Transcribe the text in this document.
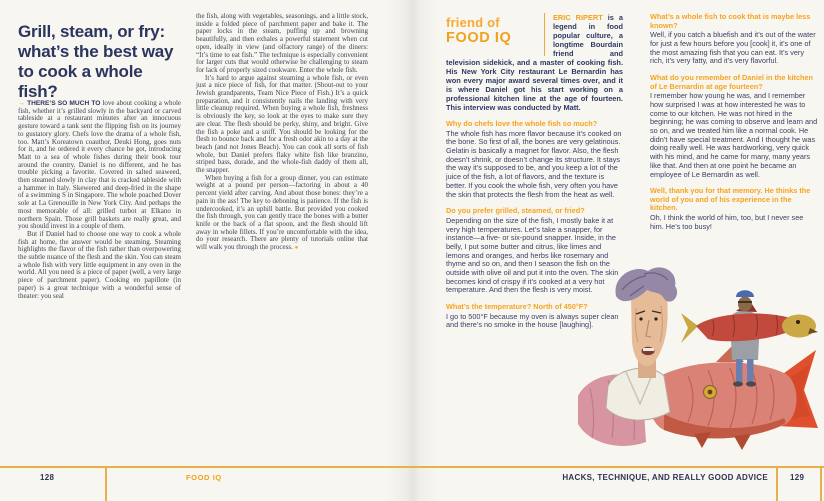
Grill, steam, or fry:
what’s the best way
to cook a whole
fish?

→ THERE’S SO MUCH TO love about cooking a whole fish, whether it’s grilled slowly in the backyard or carved tableside at a restaurant minutes after an innocuous gesture toward a tank sent the flipping fish on its journey to gustatory glory. Chefs love the drama of a whole fish, too. Matt’s Koreatown coauthor, Deuki Hong, goes nuts for it, and he ordered it every chance he got, introducing Matt to a sea of whole fishes during their book tour around the country. Daniel is no different, and he has trouble picking a favorite. Covered in salted seaweed, then steamed slowly in clay that is cracked tableside with a hammer in Italy. Skewered and deep-fried in the shape of a swimming S in Singapore. The whole poached Dover sole at La Grenouille in New York City. And perhaps the most memorable of all: grilled turbot at Elkano in northern Spain. Those grill baskets are really great, and you should invest in a couple of them.

But if Daniel had to choose one way to cook a whole fish at home, the answer would be steaming. Steaming highlights the flavor of the fish rather than overpowering the subtle nuance of the flesh and the skin. You can steam a whole fish with very little equipment in any oven in the world. All you need is a piece of paper (well, a very large piece of parchment paper). Cooking en papillote (in paper) is a great technique with a wonderful sense of theater: you seal

the fish, along with vegetables, seasonings, and a little stock, inside a folded piece of parchment paper and bake it. The paper locks in the steam, puffing up and browning beautifully, and then exhales a powerful statement when cut open, ideally in view (and olfactory range) of the diners: “It’s time to eat fish.” The technique is especially convenient for larger cuts that would otherwise be challenging to steam for lack of properly sized cookware. Enter the whole fish.

It’s hard to argue against steaming a whole fish, or even just a nice piece of fish, for that matter. (Shout-out to your Jewish grandparents, Team Nice Piece of Fish.) It’s a quick preparation, and it consistently nails the landing with very little cleanup required. When buying a whole fish, freshness is obviously the key, so look at the eyes to make sure they are clear. The flesh should be perky, shiny, and bright. Give the fish a poke and a sniff. You should be looking for the flesh to bounce back and for a fresh odor akin to a day at the beach (and not Jones Beach). You can cook all sorts of fish whole, but Daniel prefers flaky white fish like branzino, striped bass, dorade, and the whole-fish daddy of them all, the snapper.

When buying a fish for a group dinner, you can estimate weight at a pound per person—factoring in about a 40 percent yield after carving. And about those bones: they’re a pain in the ass! The key to deboning is patience. If the fish is undercooked, it’s an uphill battle. But provided you cooked the fish through, you can gently trace the bones with a butter knife or the back of a flat spoon, and the flesh should lift away in whole fillets. If you’re uncomfortable with the idea, do your research. There are plenty of tutorials online that will walk you through the process. ●

friend of
FOOD IQ
ERIC RIPERT is a legend in food popular culture, a longtime Bourdain friend and television sidekick, and a master of cooking fish. His New York City restaurant Le Bernardin has won every major award several times over, and it is where Daniel got his start working on a professional kitchen line at the age of fourteen. This interview was conducted by Matt.

Why do chefs love the whole fish so much?

The whole fish has more flavor because it’s cooked on the bone. So first of all, the bones are very gelatinous. Gelatin is basically a magnet for flavor. Also, the flesh doesn’t shrink, or doesn’t change its structure. It stays the way it’s supposed to be, and you keep a lot of the juice of the fish, a lot of flavors, and the texture is better. If you cook the whole fish, very often you have the skin that protects the flesh from the heat as well.

Do you prefer grilled, steamed, or fried?

Depending on the size of the fish, I mostly bake it at very high temperatures. Let’s take a snapper, for instance—a five- or six-pound snapper. Inside, in the belly, I put some butter and citrus, like limes and lemons and oranges, and herbs like rosemary and thyme and so on, and then I season the fish on the outside with olive oil and put it into the oven. The skin becomes kind of crispy if it’s cooked at a very hot temperature. And then the flesh is very moist.

What’s the temperature? North of 450°F?

I go to 500°F because my oven is always super clean and there’s no smoke in the house [laughing].

What’s a whole fish to cook that is maybe less known?

Well, if you catch a bluefish and it’s out of the water for just a few hours before you [cook] it, it’s one of the most amazing fish that you can eat. It’s very rich, it’s very fatty, and it’s very flavorful.

What do you remember of Daniel in the kitchen of Le Bernardin at age fourteen?

I remember how young he was, and I remember how surprised I was at how interested he was to come to our kitchen. He was not hired in the beginning; he was coming to observe and learn and so on, and we treated him like a normal cook. He didn’t have special treatment. And I thought he was doing really well. He was hardworking, very quick with his mind, and he came for many, many years like that. And then at one point he became an employee of Le Bernardin as well.

Well, thank you for that memory. He thinks the world of you and of his experience in the kitchen.

Oh, I think the world of him, too, but I never see him. He’s too busy!

128	FOOD IQ	HACKS, TECHNIQUE, AND REALLY GOOD ADVICE	129
